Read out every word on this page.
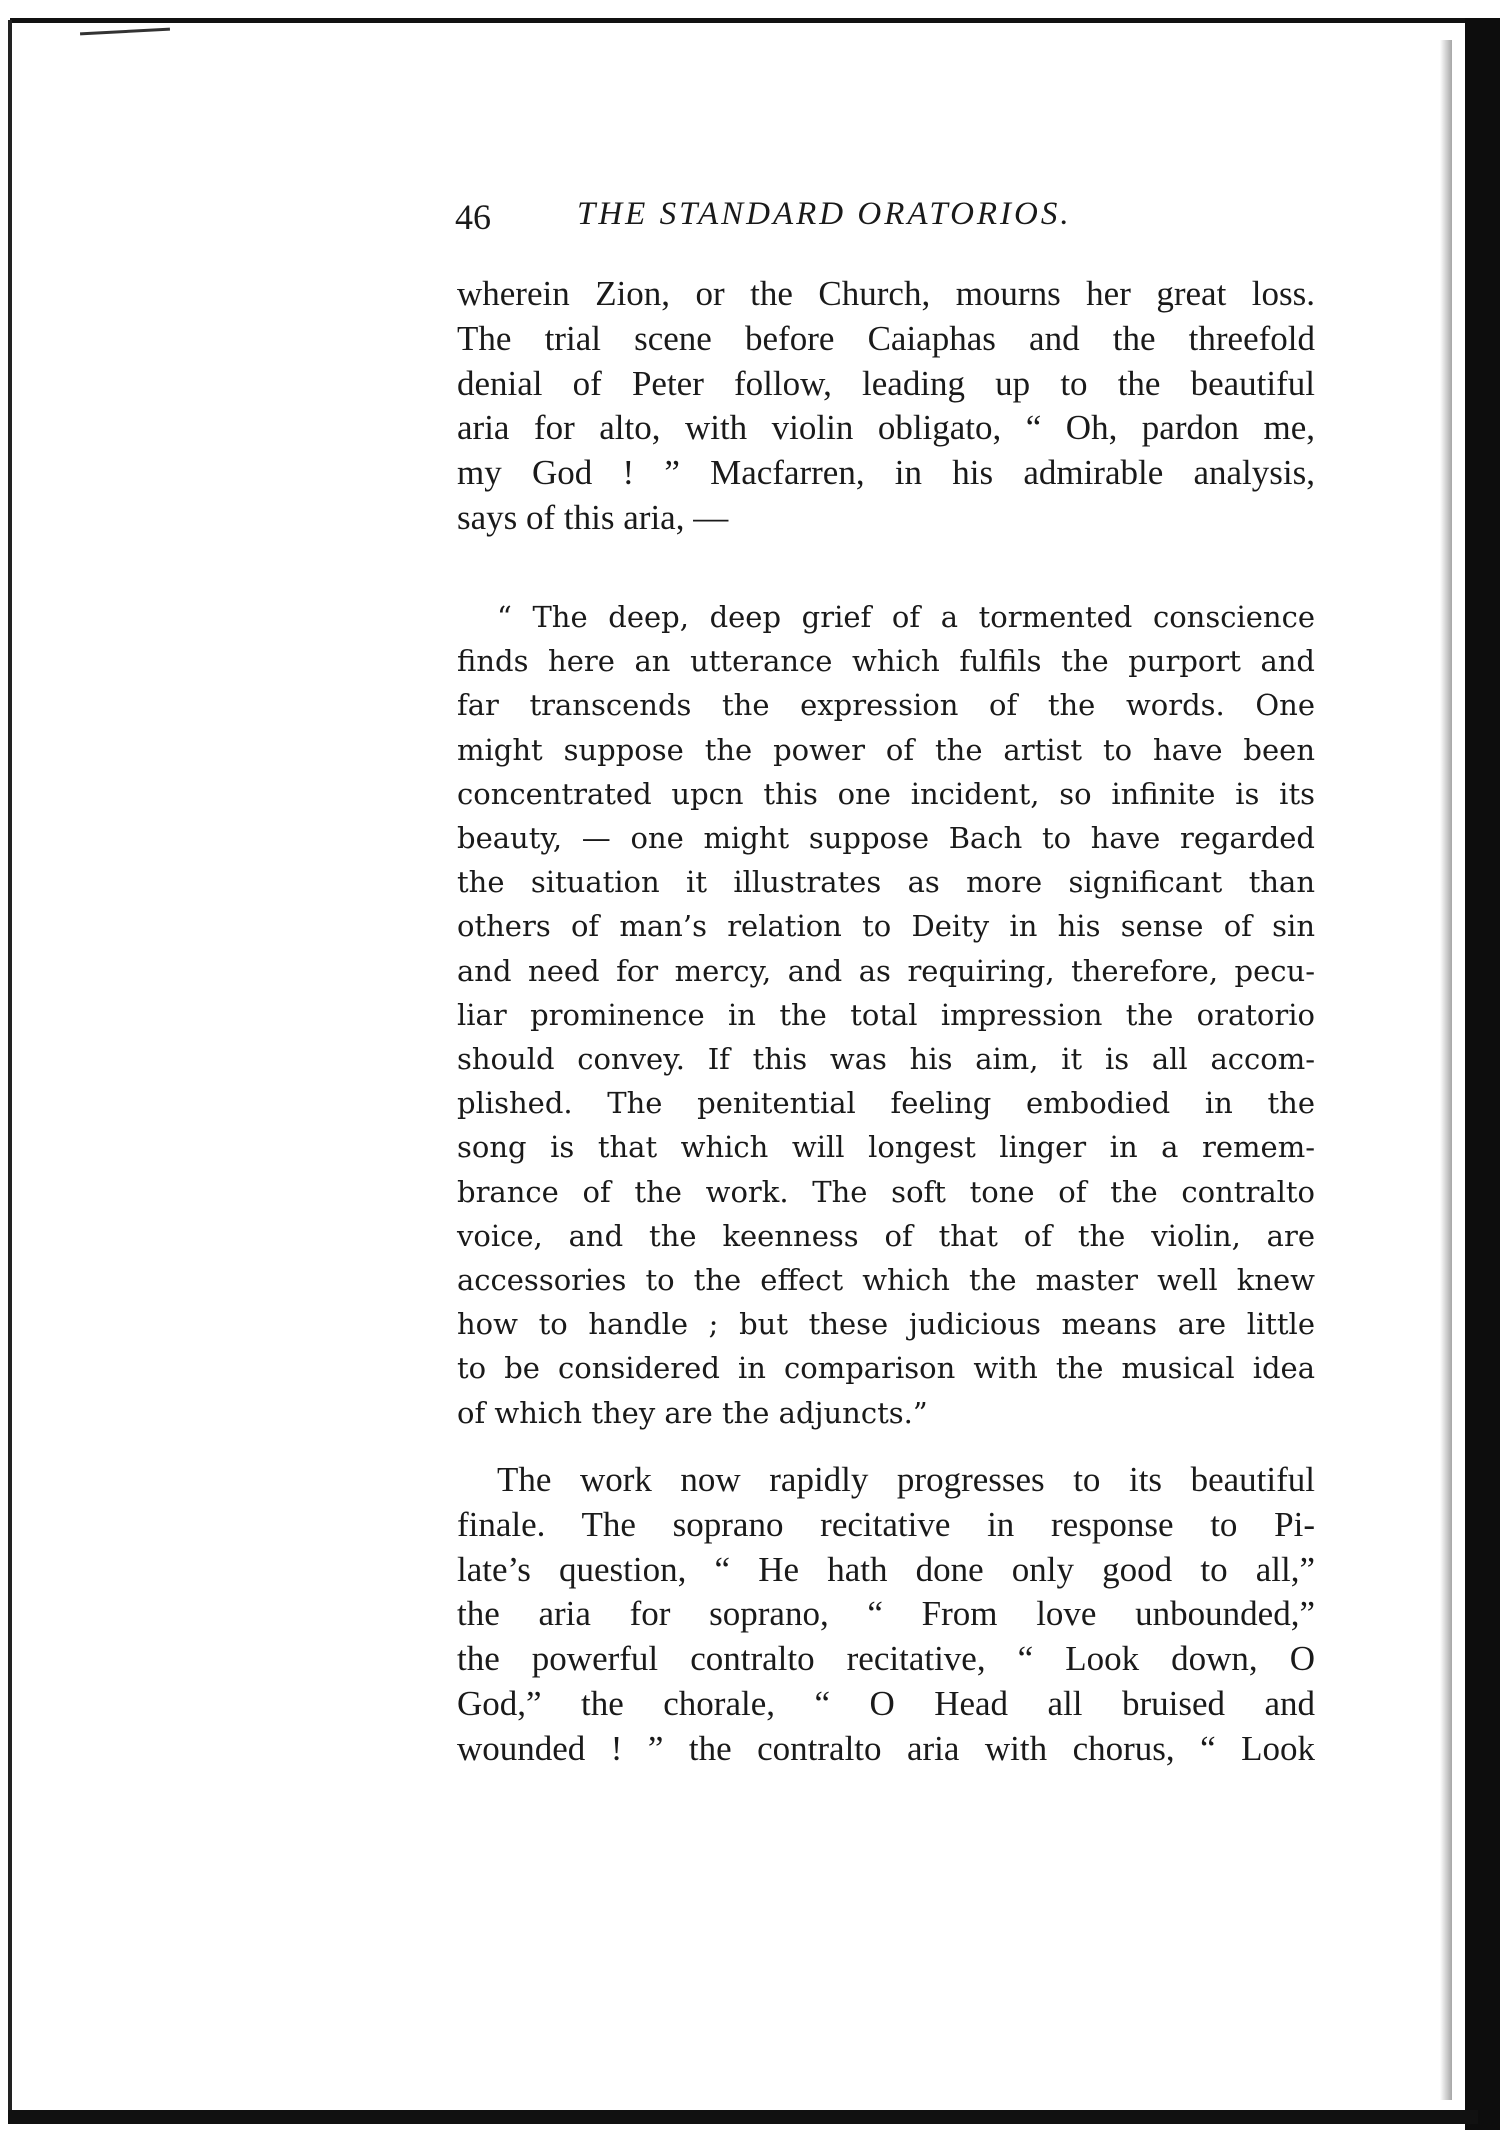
46	THE STANDARD ORATORIOS.
wherein Zion, or the Church, mourns her great loss.
The trial scene before Caiaphas and the threefold
denial of Peter follow, leading up to the beautiful
aria for alto, with violin obligato, “ Oh, pardon me,
my God ! ” Macfarren, in his admirable analysis,
says of this aria, —
“ The deep, deep grief of a tormented conscience
finds here an utterance which fulfils the purport and
far transcends the expression of the words. One
might suppose the power of the artist to have been
concentrated upcn this one incident, so infinite is its
beauty, — one might suppose Bach to have regarded
the situation it illustrates as more significant than
others of man’s relation to Deity in his sense of sin
and need for mercy, and as requiring, therefore, pecu-
liar prominence in the total impression the oratorio
should convey. If this was his aim, it is all accom-
plished. The penitential feeling embodied in the
song is that which will longest linger in a remem-
brance of the work. The soft tone of the contralto
voice, and the keenness of that of the violin, are
accessories to the effect which the master well knew
how to handle ; but these judicious means are little
to be considered in comparison with the musical idea
of which they are the adjuncts.”
The work now rapidly progresses to its beautiful
finale. The soprano recitative in response to Pi-
late’s question, “ He hath done only good to all,”
the aria for soprano, “ From love unbounded,”
the powerful contralto recitative, “ Look down, O
God,” the chorale, “ O Head all bruised and
wounded ! ” the contralto aria with chorus, “ Look
